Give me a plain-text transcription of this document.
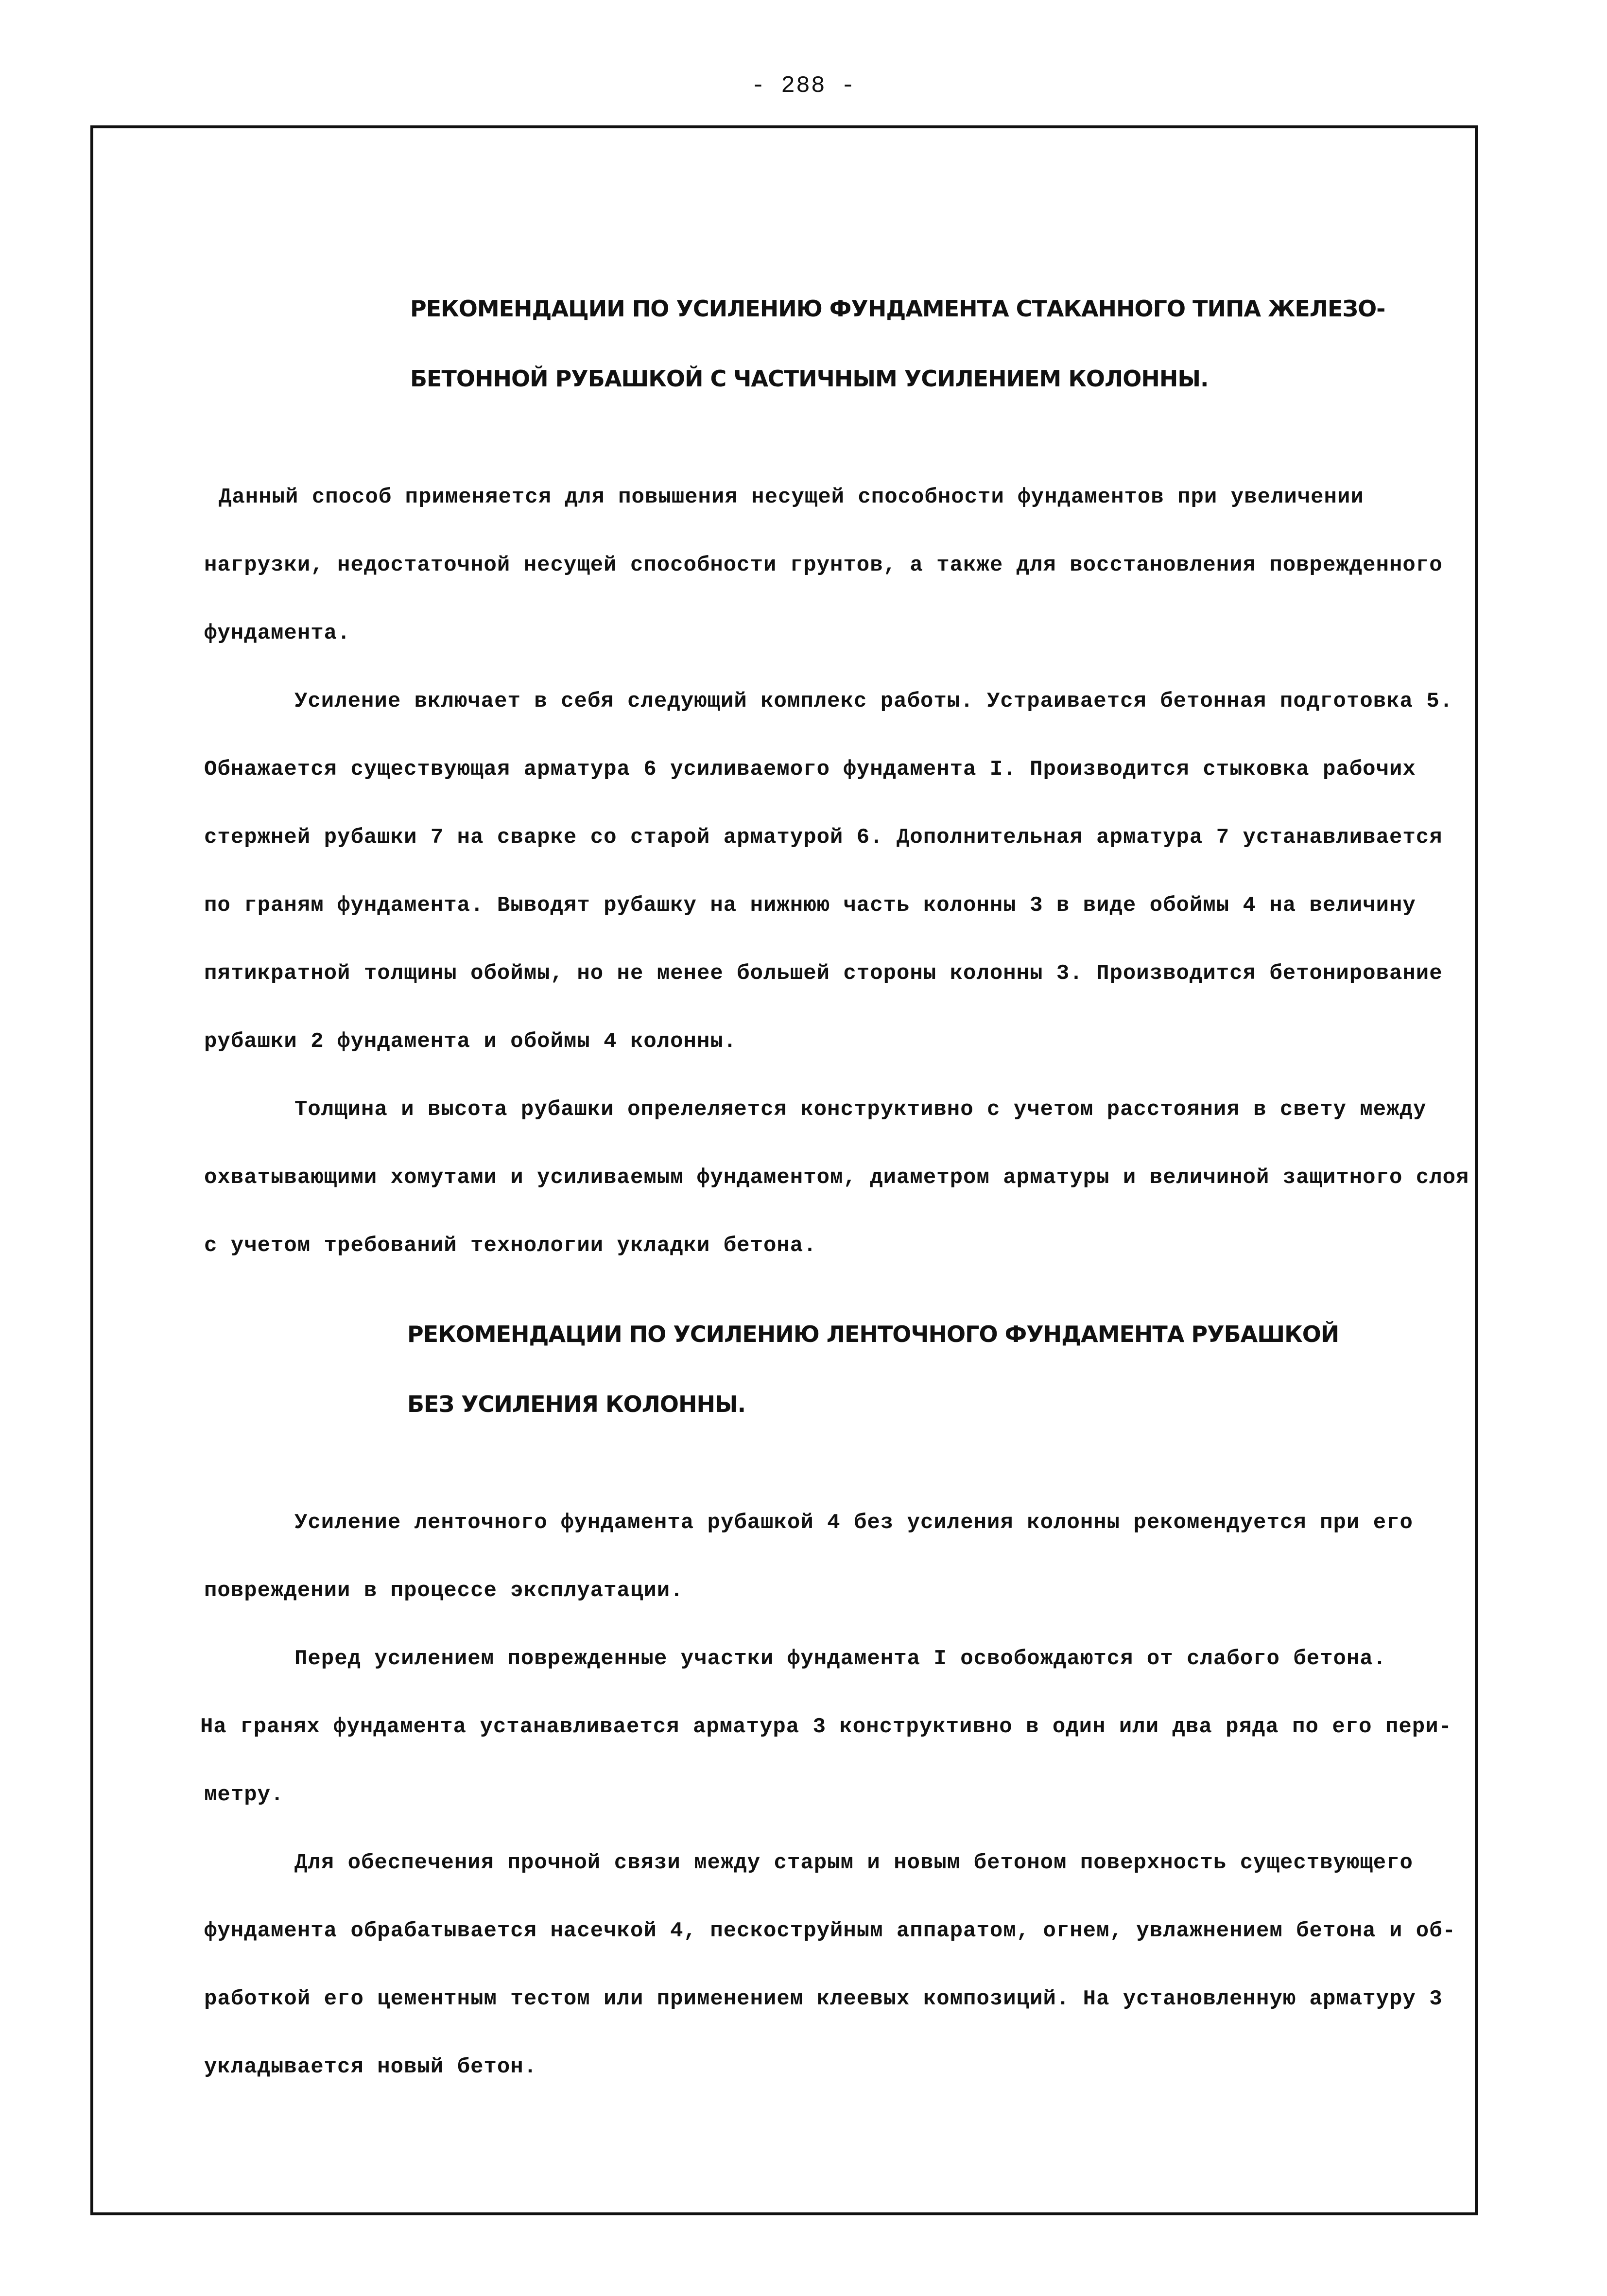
- 288 -
РЕКОМЕНДАЦИИ ПО УСИЛЕНИЮ ФУНДАМЕНТА СТАКАННОГО ТИПА ЖЕЛЕЗО-
БЕТОННОЙ РУБАШКОЙ С ЧАСТИЧНЫМ УСИЛЕНИЕМ КОЛОННЫ.
Данный способ применяется для повышения несущей способности фундаментов при увеличении
нагрузки, недостаточной несущей способности грунтов, а также для восстановления поврежденного
фундамента.
Усиление включает в себя следующий комплекс работы. Устраивается бетонная подготовка 5.
Обнажается существующая арматура 6 усиливаемого фундамента I. Производится стыковка рабочих
стержней рубашки 7 на сварке со старой арматурой 6. Дополнительная арматура 7 устанавливается
по граням фундамента. Выводят рубашку на нижнюю часть колонны 3 в виде обоймы 4 на величину
пятикратной толщины обоймы, но не менее большей стороны колонны 3. Производится бетонирование
рубашки 2 фундамента и обоймы 4 колонны.
Толщина и высота рубашки опрелеляется конструктивно с учетом расстояния в свету между
охватывающими хомутами и усиливаемым фундаментом, диаметром арматуры и величиной защитного слоя
с учетом требований технологии укладки бетона.
РЕКОМЕНДАЦИИ ПО УСИЛЕНИЮ ЛЕНТОЧНОГО ФУНДАМЕНТА РУБАШКОЙ
БЕЗ УСИЛЕНИЯ КОЛОННЫ.
Усиление ленточного фундамента рубашкой 4 без усиления колонны рекомендуется при его
повреждении в процессе эксплуатации.
Перед усилением поврежденные участки фундамента I освобождаются от слабого бетона.
На гранях фундамента устанавливается арматура 3 конструктивно в один или два ряда по его пери-
метру.
Для обеспечения прочной связи между старым и новым бетоном поверхность существующего
фундамента обрабатывается насечкой 4, пескоструйным аппаратом, огнем, увлажнением бетона и об-
работкой его цементным тестом или применением клеевых композиций. На установленную арматуру 3
укладывается новый бетон.
